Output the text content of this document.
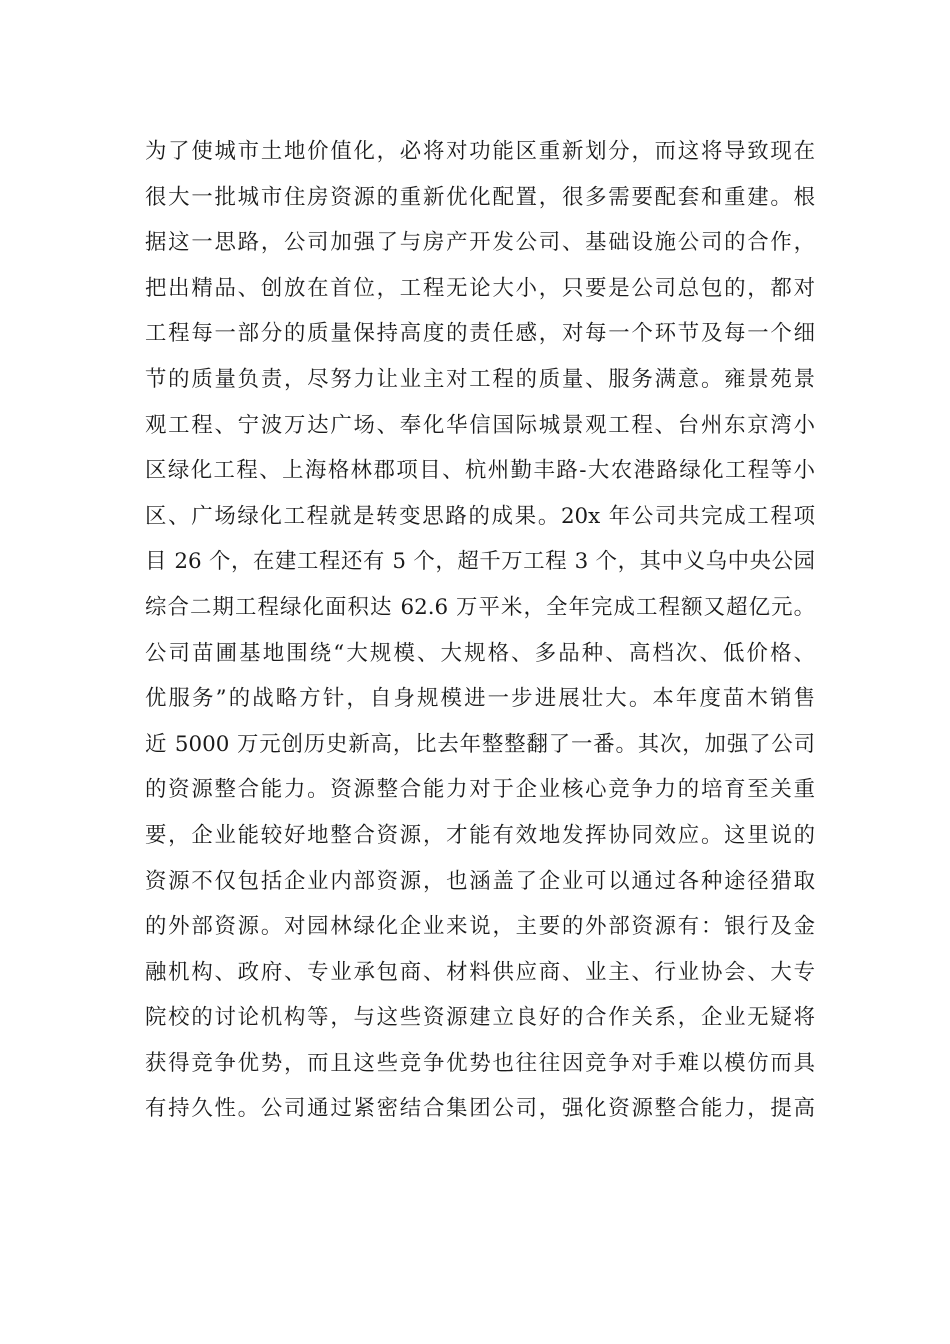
为了使城市土地价值化，必将对功能区重新划分，而这将导致现在
很大一批城市住房资源的重新优化配置，很多需要配套和重建。根
据这一思路，公司加强了与房产开发公司、基础设施公司的合作，
把出精品、创放在首位，工程无论大小，只要是公司总包的，都对
工程每一部分的质量保持高度的责任感，对每一个环节及每一个细
节的质量负责，尽努力让业主对工程的质量、服务满意。雍景苑景
观工程、宁波万达广场、奉化华信国际城景观工程、台州东京湾小
区绿化工程、上海格林郡项目、杭州勤丰路-大农港路绿化工程等小
区、广场绿化工程就是转变思路的成果。20x 年公司共完成工程项
目 26 个，在建工程还有 5 个，超千万工程 3 个，其中义乌中央公园
综合二期工程绿化面积达 62.6 万平米，全年完成工程额又超亿元。
公司苗圃基地围绕“大规模、大规格、多品种、高档次、低价格、
优服务”的战略方针，自身规模进一步进展壮大。本年度苗木销售
近 5000 万元创历史新高，比去年整整翻了一番。其次，加强了公司
的资源整合能力。资源整合能力对于企业核心竞争力的培育至关重
要，企业能较好地整合资源，才能有效地发挥协同效应。这里说的
资源不仅包括企业内部资源，也涵盖了企业可以通过各种途径猎取
的外部资源。对园林绿化企业来说，主要的外部资源有：银行及金
融机构、政府、专业承包商、材料供应商、业主、行业协会、大专
院校的讨论机构等，与这些资源建立良好的合作关系，企业无疑将
获得竞争优势，而且这些竞争优势也往往因竞争对手难以模仿而具
有持久性。公司通过紧密结合集团公司，强化资源整合能力，提高
